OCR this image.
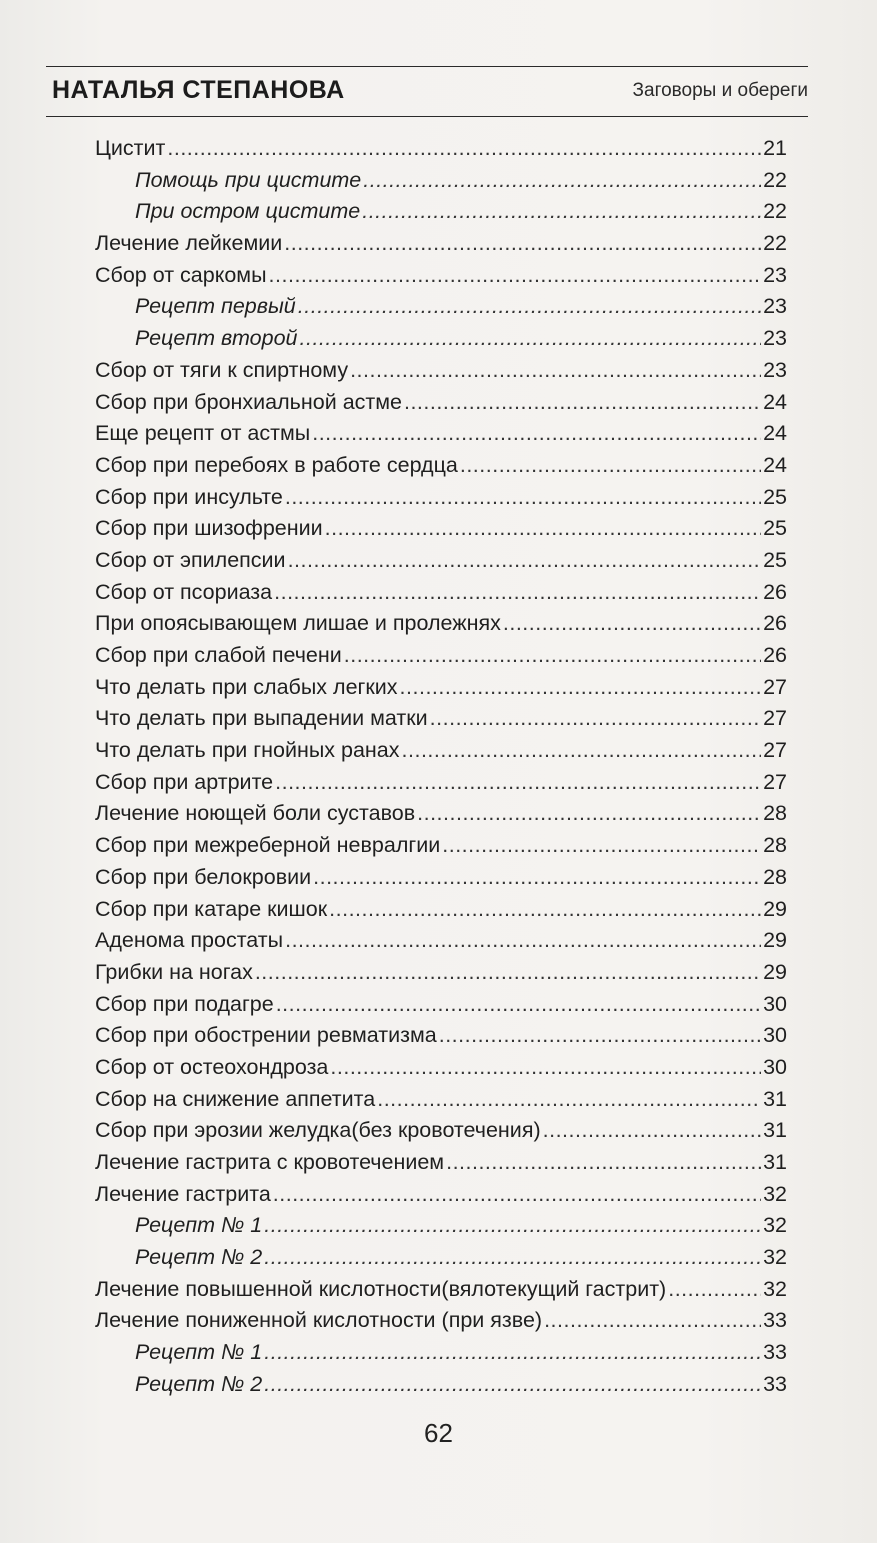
НАТАЛЬЯ СТЕПАНОВА	Заговоры и обереги
Цистит .....	21
Помощь при цистите .....	22
При остром цистите .....	22
Лечение лейкемии .....	22
Сбор от саркомы .....	23
Рецепт первый .....	23
Рецепт второй .....	23
Сбор от тяги к спиртному .....	23
Сбор при бронхиальной астме .....	24
Еще рецепт от астмы .....	24
Сбор при перебоях в работе сердца .....	24
Сбор при инсульте .....	25
Сбор при шизофрении .....	25
Сбор от эпилепсии .....	25
Сбор от псориаза .....	26
При опоясывающем лишае и пролежнях .....	26
Сбор при слабой печени .....	26
Что делать при слабых легких .....	27
Что делать при выпадении матки .....	27
Что делать при гнойных ранах .....	27
Сбор при артрите .....	27
Лечение ноющей боли суставов .....	28
Сбор при межреберной невралгии .....	28
Сбор при белокровии .....	28
Сбор при катаре кишок .....	29
Аденома простаты .....	29
Грибки на ногах .....	29
Сбор при подагре .....	30
Сбор при обострении ревматизма .....	30
Сбор от остеохондроза .....	30
Сбор на снижение аппетита .....	31
Сбор при эрозии желудка(без кровотечения) .....	31
Лечение гастрита с кровотечением .....	31
Лечение гастрита .....	32
Рецепт № 1 .....	32
Рецепт № 2 .....	32
Лечение повышенной кислотности(вялотекущий гастрит) .....	32
Лечение пониженной кислотности (при язве) .....	33
Рецепт № 1 .....	33
Рецепт № 2 .....	33
62
